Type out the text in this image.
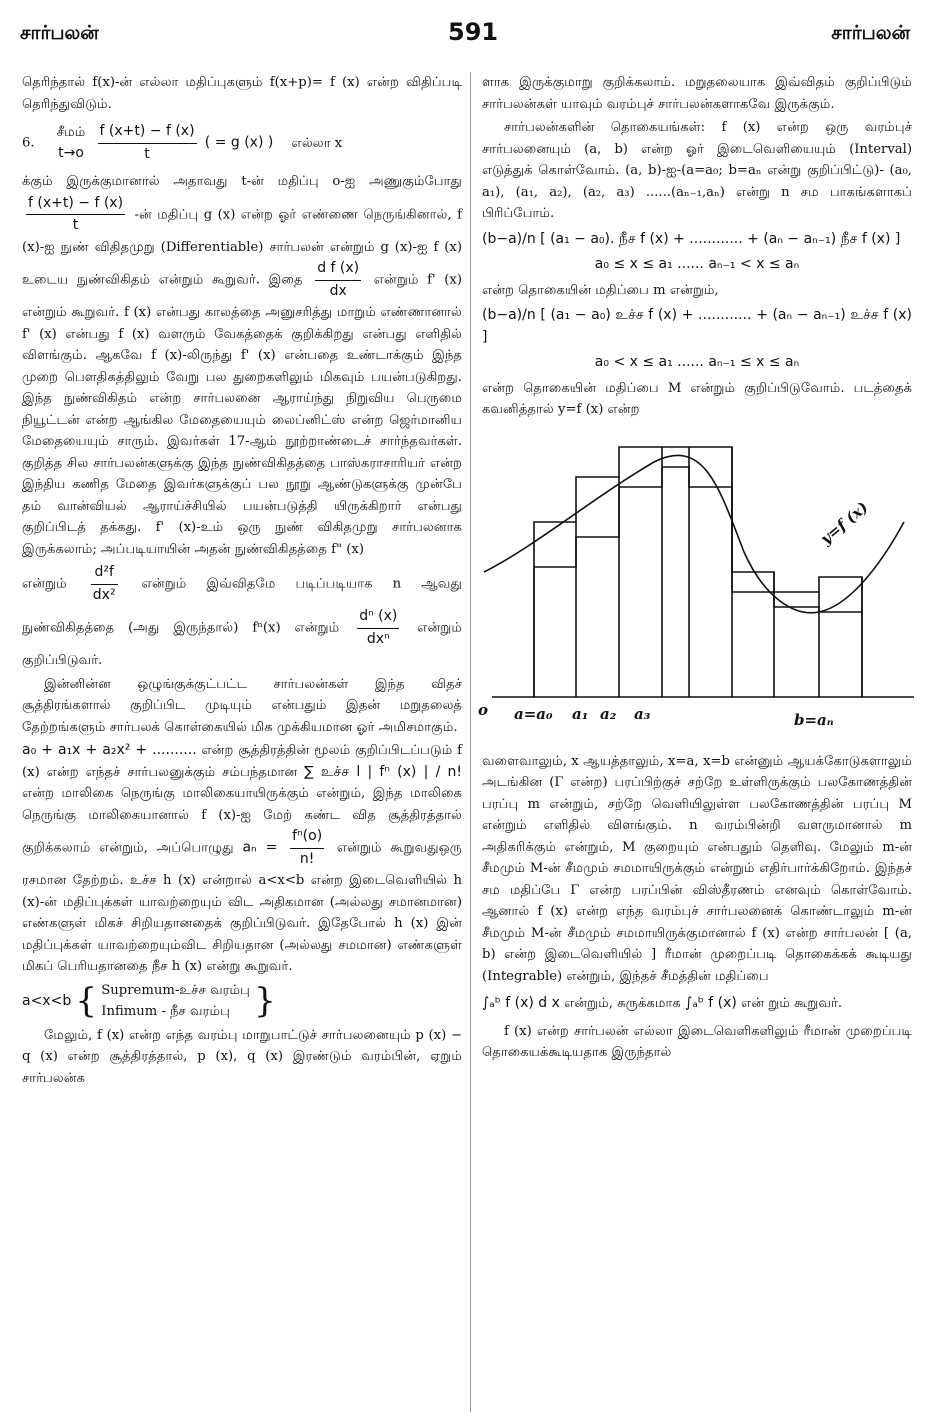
சார்பலன்	591	சார்பலன்

தெரிந்தால் f(x)-ன் எல்லா மதிப்புகளும் f(x+p)= f (x) என்ற விதிப்படி தெரிந்துவிடும்.

6. சீமம்
t→o
$\frac{f (x+t) - f (x)}{t}$ ( = g (x) ) எல்லா x

க்கும் இருக்குமானால் அதாவது t-ன் மதிப்பு o-ஐ அணுகும்போது
$\frac{f (x+t) - f (x)}{t}$ -ன் மதிப்பு g (x) என்ற ஓர் எண்ணை நெருங்கினால், f (x)-ஐ நுண் விதிதமுறு (Differentiable) சார்பலன் என்றும் g (x)-ஐ f (x) உடைய நுண்விகிதம் என்றும் கூறுவர். இதை $\frac{\text{d f (x)}}{dx}$ என்றும் f' (x) என்றும் கூறுவர். f (x) என்பது காலத்தை அனுசரித்து மாறும் எண்ணானால் f' (x) என்பது f (x) வளரும் வேகத்தைக் குறிக்கிறது என்பது எளிதில் விளங்கும். ஆகவே f (x)-லிருந்து f' (x) என்பதை உண்டாக்கும் இந்த முறை பௌதிகத்திலும் வேறு பல துறைகளிலும் மிகவும் பயன்படுகிறது. இந்த நுண்விகிதம் என்ற சார்பலனை ஆராய்ந்து நிறுவிய பெருமை நியூட்டன் என்ற ஆங்கில மேதையையும் லைப்னிட்ஸ் என்ற ஜெர்மானிய மேதையையும் சாரும். இவர்கள் 17-ஆம் நூற்றாண்டைச் சார்ந்தவர்கள். குறித்த சில சார்பலன்களுக்கு இந்த நுண்விகிதத்தை பாஸ்கராசாரியர் என்ற இந்திய கணித மேதை இவர்களுக்குப் பல நூறு ஆண்டுகளுக்கு முன்பே தம் வான்வியல் ஆராய்ச்சியில் பயன்படுத்தி யிருக்கிறார் என்பது குறிப்பிடத் தக்கது. f' (x)-உம் ஒரு நுண் விகிதமுறு சார்பலனாக இருக்கலாம்; அப்படியாயின் அதன் நுண்விகிதத்தை f" (x)

என்றும் $\frac{\text{d²f}}{\text{dx²}}$ என்றும் இவ்விதமே படிப்படியாக n ஆவது நுண்விகிதத்தை (அது இருந்தால்) fⁿ(x) என்றும் $\frac{\text{dⁿ (x)}}{\text{dxⁿ}}$ என்றும் குறிப்பிடுவர்.

இன்னின்ன ஒழுங்குக்குட்பட்ட சார்பலன்கள் இந்த விதச் சூத்திரங்களால் குறிப்பிட முடியும் என்பதும் இதன் மறுதலைத் தேற்றங்களும் சார்பலக் கொள்கையில் மிக முக்கியமான ஓர் அமிசமாகும்.

a₀ + a₁x + a₂x² + .......... என்ற சூத்திரத்தின் மூலம் குறிப்பிடப்படும் f (x) என்ற எந்தச் சார்பலனுக்கும் சம்பந்தமான ∑ உச்ச l | fⁿ (x) | / n! என்ற மாலிகை நெருங்கு மாலிகையாயிருக்கும் என்றும், இந்த மாலிகை நெருங்கு மாலிகையானால் f (x)-ஐ மேற் கண்ட வித சூத்திரத்தால் குறிக்கலாம் என்றும், அப்பொழுது $a_n = \frac{\text{fⁿ(o)}}{n!}$ என்றும் கூறுவதுஒரு ரசமான தேற்றம். உச்ச h (x) என்றால் a<x<b என்ற இடைவெளியில் h (x)-ன் மதிப்புக்கள் யாவற்றையும் விட அதிகமான (அல்லது சமானமான) எண்களுள் மிகச் சிறியதானதைக் குறிப்பிடுவர். இதேபோல் h (x) இன் மதிப்புக்கள் யாவற்றையும்விட சிறியதான (அல்லது சமமான) எண்களுள் மிகப் பெரியதானதை நீச h (x) என்று கூறுவர்.

a<x<b { Supremum-உச்ச வரம்பு
Infimum - நீச வரம்பு }

மேலும், f (x) என்ற எந்த வரம்பு மாறுபாட்டுச் சார்பலனையும் p (x) − q (x) என்ற சூத்திரத்தால், p (x), q (x) இரண்டும் வரம்பின், ஏறும் சார்பலன்க

ளாக இருக்குமாறு குறிக்கலாம். மறுதலையாக இவ்விதம் குறிப்பிடும் சார்பலன்கள் யாவும் வரம்புச் சார்பலன்களாகவே இருக்கும்.

சார்பலன்களின் தொகையங்கள்: f (x) என்ற ஒரு வரம்புச் சார்பலனையும் (a, b) என்ற ஓர் இடைவெளியையும் (Interval) எடுத்துக் கொள்வோம். (a, b)-ஐ-(a=a₀; b=aₙ என்று குறிப்பிட்டு)- (a₀, a₁), (a₁, a₂), (a₂, a₃) ......(aₙ₋₁,aₙ) என்று n சம பாகங்களாகப் பிரிப்போம்.

(b−a)/n [ (a₁ − a₀). நீச f (x) + ............ + (aₙ − aₙ₋₁) நீச f (x) ]
a₀ ≤ x ≤ a₁ ...... aₙ₋₁ < x ≤ aₙ

என்ற தொகையின் மதிப்பை m என்றும்,

(b−a)/n [ (a₁ − a₀) உச்ச f (x) + ............ + (aₙ − aₙ₋₁) உச்ச f (x) ]
a₀ < x ≤ a₁ ...... aₙ₋₁ ≤ x ≤ aₙ

என்ற தொகையின் மதிப்பை M என்றும் குறிப்பிடுவோம். படத்தைக் கவனித்தால் y=f (x) என்ற

o a=a₀ a₁ a₂ a₃	b=aₙ
y=f (x)

வளைவாலும், x ஆயத்தாலும், x=a, x=b என்னும் ஆயக்கோடுகளாலும் அடங்கின (Γ என்ற) பரப்பிற்குச் சற்றே உள்ளிருக்கும் பலகோணத்தின் பரப்பு m என்றும், சற்றே வெளியிலுள்ள பலகோணத்தின் பரப்பு M என்றும் எளிதில் விளங்கும். n வரம்பின்றி வளருமானால் m அதிகரிக்கும் என்றும், M குறையும் என்பதும் தெளிவு. மேலும் m-ன் சீமமும் M-ன் சீமமும் சமமாயிருக்கும் என்றும் எதிர்பார்க்கிறோம். இந்தச் சம மதிப்பே Γ என்ற பரப்பின் விஸ்தீரணம் எனவும் கொள்வோம். ஆனால் f (x) என்ற எந்த வரம்புச் சார்பலனைக் கொண்டாலும் m-ன் சீமமும் M-ன் சீமமும் சமமாயிருக்குமானால் f (x) என்ற சார்பலன் [ (a, b) என்ற இடைவெளியில் ] ரீமான் முறைப்படி தொகைக்கக் கூடியது (Integrable) என்றும், இந்தச் சீமத்தின் மதிப்பை

∫ₐᵇ f (x) d x என்றும், சுருக்கமாக ∫ₐᵇ f (x) என் றும் கூறுவர்.

f (x) என்ற சார்பலன் எல்லா இடைவெளிகளிலும் ரீமான் முறைப்படி தொகையக்கூடியதாக இருந்தால்
